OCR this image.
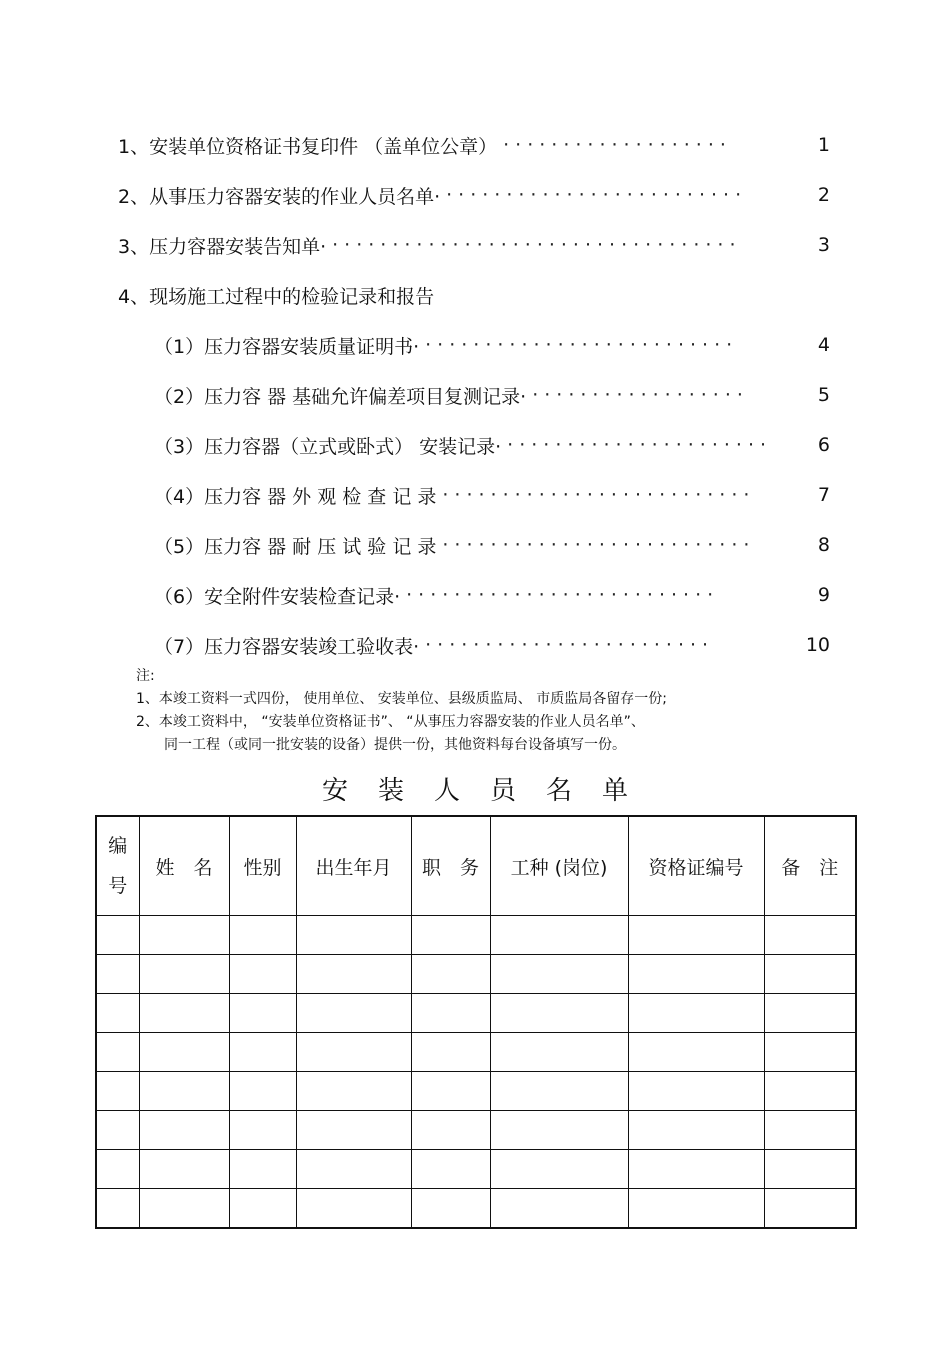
1、安装单位资格证书复印件 （盖单位公章） ···················	1
2、从事压力容器安装的作业人员名单· ·························	2
3、压力容器安装告知单· ··································	3
4、现场施工过程中的检验记录和报告
（1）压力容器安装质量证明书· ··························	4
（2）压力容 器 基础允许偏差项目复测记录· ··················	5
（3）压力容器（立式或卧式） 安装记录· ······················	6
（4）压力容 器 外 观 检 查 记 录 ··························	7
（5）压力容 器 耐 压 试 验 记 录 ··························	8
（6）安全附件安装检查记录· ··························	9
（7）压力容器安装竣工验收表· ························	10
注:
1、本竣工资料一式四份， 使用单位、 安装单位、县级质监局、 市质监局各留存一份;
2、本竣工资料中， “安装单位资格证书”、 “从事压力容器安装的作业人员名单”、
同一工程（或同一批安装的设备）提供一份，其他资料每台设备填写一份。
安装人员名单
编
号	姓　名	性别	出生年月	职　务	工种 (岗位)	资格证编号	备　注
